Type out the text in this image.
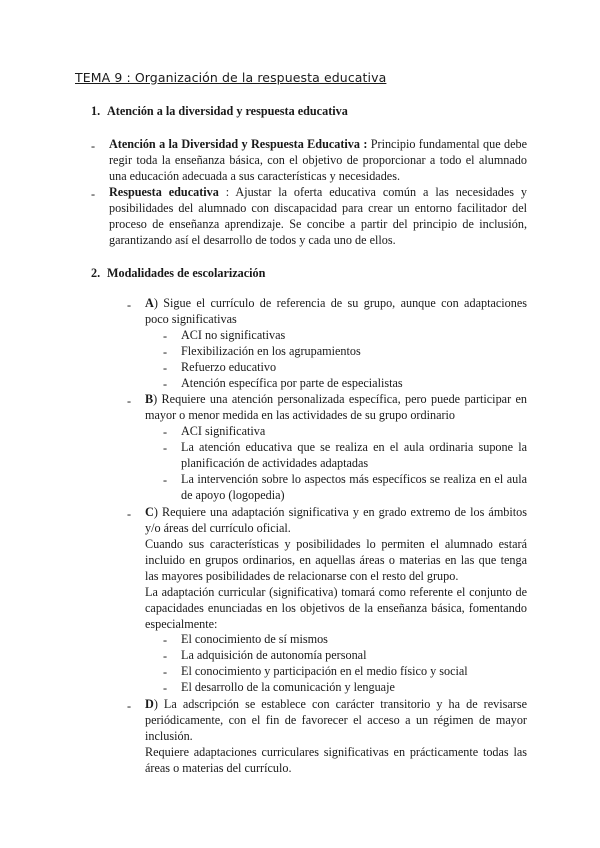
TEMA 9 : Organización de la respuesta educativa
1. Atención a la diversidad y respuesta educativa
- Atención a la Diversidad y Respuesta Educativa : Principio fundamental que debe regir toda la enseñanza básica, con el objetivo de proporcionar a todo el alumnado una educación adecuada a sus características y necesidades.
- Respuesta educativa : Ajustar la oferta educativa común a las necesidades y posibilidades del alumnado con discapacidad para crear un entorno facilitador del proceso de enseñanza aprendizaje. Se concibe a partir del principio de inclusión, garantizando así el desarrollo de todos y cada uno de ellos.
2. Modalidades de escolarización
- A) Sigue el currículo de referencia de su grupo, aunque con adaptaciones poco significativas
- ACI no significativas
- Flexibilización en los agrupamientos
- Refuerzo educativo
- Atención específica por parte de especialistas
- B) Requiere una atención personalizada específica, pero puede participar en mayor o menor medida en las actividades de su grupo ordinario
- ACI significativa
- La atención educativa que se realiza en el aula ordinaria supone la planificación de actividades adaptadas
- La intervención sobre lo aspectos más específicos se realiza en el aula de apoyo (logopedia)
- C) Requiere una adaptación significativa y en grado extremo de los ámbitos y/o áreas del currículo oficial.
Cuando sus características y posibilidades lo permiten el alumnado estará incluido en grupos ordinarios, en aquellas áreas o materias en las que tenga las mayores posibilidades de relacionarse con el resto del grupo.
La adaptación curricular (significativa) tomará como referente el conjunto de capacidades enunciadas en los objetivos de la enseñanza básica, fomentando especialmente:
- El conocimiento de sí mismos
- La adquisición de autonomía personal
- El conocimiento y participación en el medio físico y social
- El desarrollo de la comunicación y lenguaje
- D) La adscripción se establece con carácter transitorio y ha de revisarse periódicamente, con el fin de favorecer el acceso a un régimen de mayor inclusión.
Requiere adaptaciones curriculares significativas en prácticamente todas las áreas o materias del currículo.
